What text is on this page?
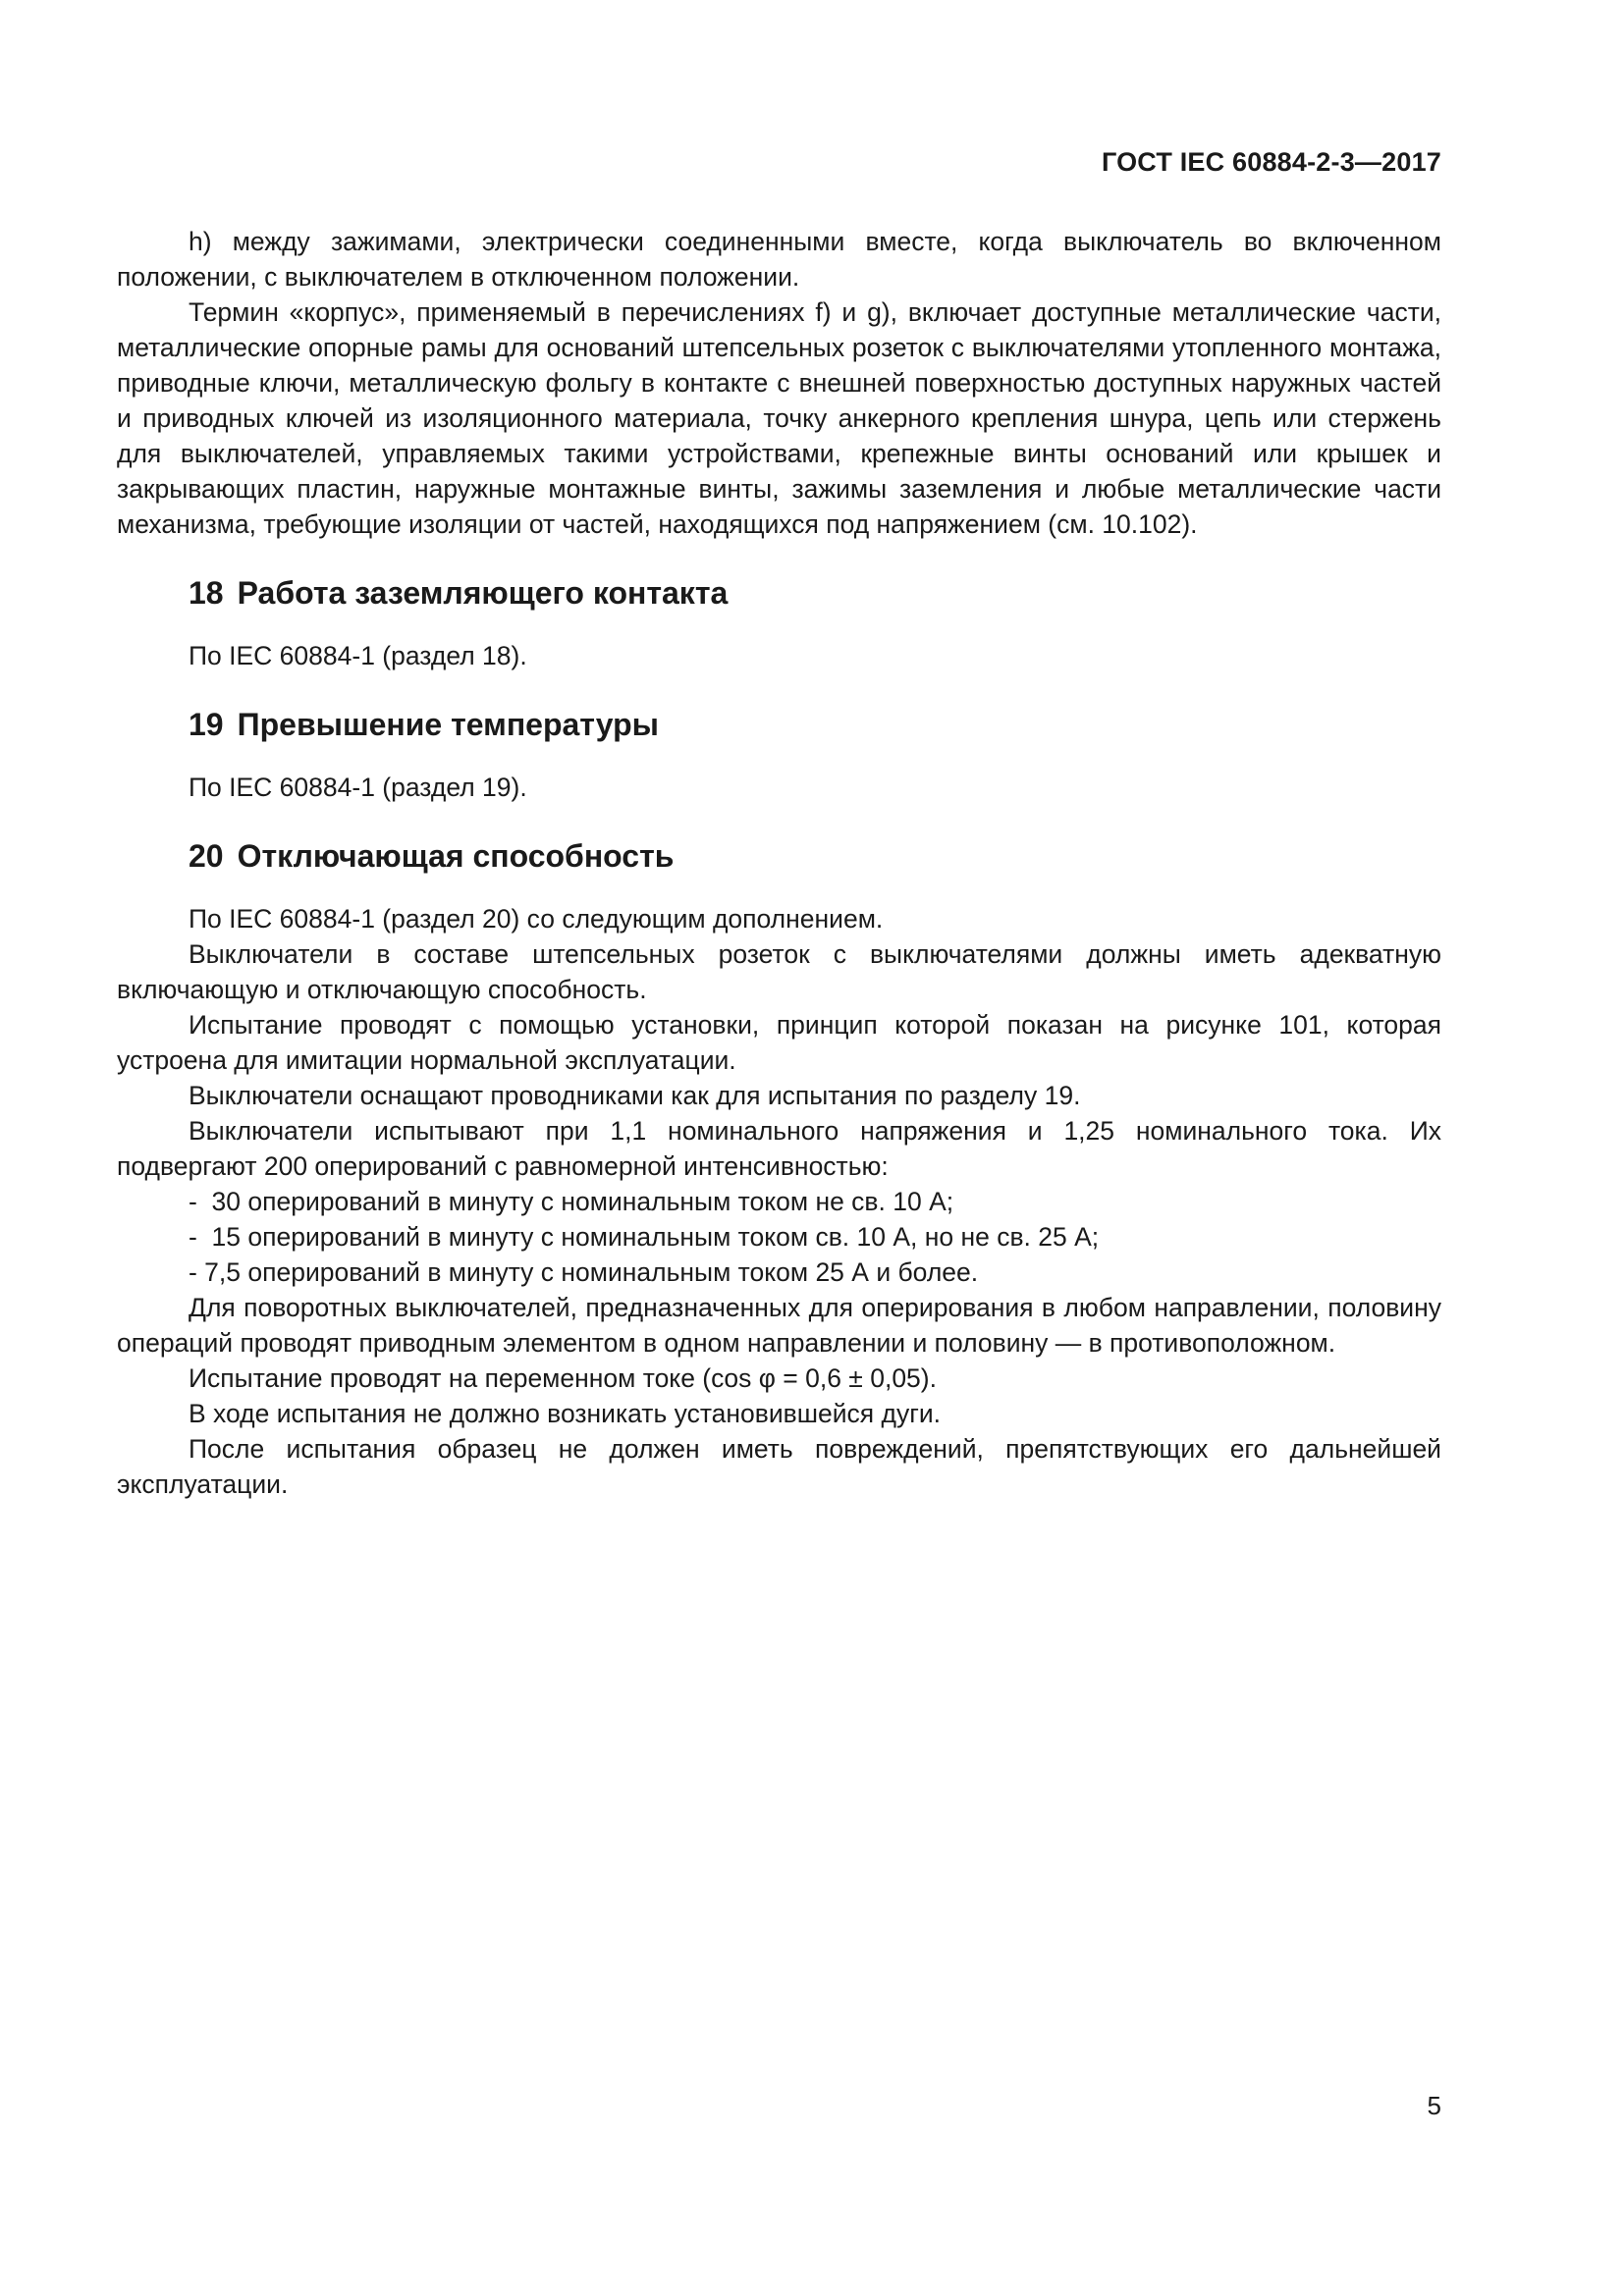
ГОСТ IEC 60884-2-3—2017

h) между зажимами, электрически соединенными вместе, когда выключатель во включенном положении, с выключателем в отключенном положении.

Термин «корпус», применяемый в перечислениях f) и g), включает доступные металлические части, металлические опорные рамы для оснований штепсельных розеток с выключателями утопленного монтажа, приводные ключи, металлическую фольгу в контакте с внешней поверхностью доступных наружных частей и приводных ключей из изоляционного материала, точку анкерного крепления шнура, цепь или стержень для выключателей, управляемых такими устройствами, крепежные винты оснований или крышек и закрывающих пластин, наружные монтажные винты, зажимы заземления и любые металлические части механизма, требующие изоляции от частей, находящихся под напряжением (см. 10.102).

18 Работа заземляющего контакта

По IEC 60884-1 (раздел 18).

19 Превышение температуры

По IEC 60884-1 (раздел 19).

20 Отключающая способность

По IEC 60884-1 (раздел 20) со следующим дополнением.

Выключатели в составе штепсельных розеток с выключателями должны иметь адекватную включающую и отключающую способность.

Испытание проводят с помощью установки, принцип которой показан на рисунке 101, которая устроена для имитации нормальной эксплуатации.

Выключатели оснащают проводниками как для испытания по разделу 19.

Выключатели испытывают при 1,1 номинального напряжения и 1,25 номинального тока. Их подвергают 200 оперирований с равномерной интенсивностью:

-  30 оперирований в минуту с номинальным током не св. 10 А;

-  15 оперирований в минуту с номинальным током св. 10 А, но не св. 25 А;

- 7,5 оперирований в минуту с номинальным током 25 А и более.

Для поворотных выключателей, предназначенных для оперирования в любом направлении, половину операций проводят приводным элементом в одном направлении и половину — в противоположном.

Испытание проводят на переменном токе (cos φ = 0,6 ± 0,05).

В ходе испытания не должно возникать установившейся дуги.

После испытания образец не должен иметь повреждений, препятствующих его дальнейшей эксплуатации.

5
